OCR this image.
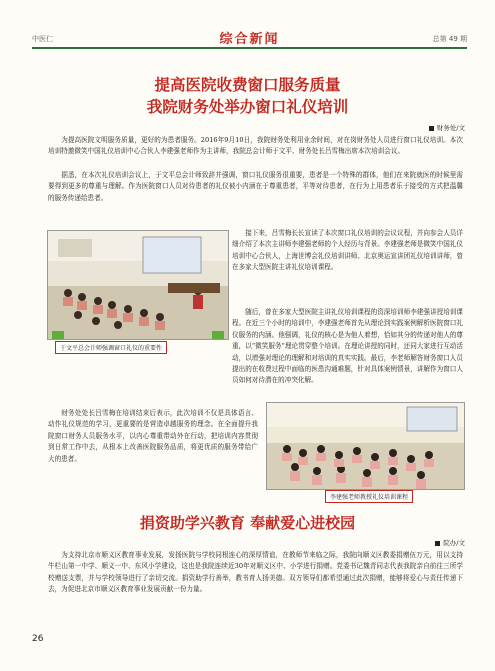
中医仁	综合新闻	总第 49 期
提高医院收费窗口服务质量
我院财务处举办窗口礼仪培训
财务处/文

为提高医院文明服务质量，更好的为患者服务。2016年9月10日，我院财务处利用业余时间，对在岗财务处人员进行窗口礼仪培训。本次培训特邀微笑中国礼仪培训中心合伙人李建强老师作为主讲师，我院总会计师于文平、财务处长吕雪梅出席本次培训会议。

据悉，在本次礼仪培训会议上，于文平总会计师致辞并强调，窗口礼仪服务很重要，患者是一个特殊的群体，他们在来院就医的时候里需要得到更多的尊重与理解。作为医院窗口人员对待患者的礼仪被小内涵在于尊重患者，平等对待患者，在行为上用患者乐于接受的方式把温馨的服务传递给患者。

于文平总会计师强调窗口礼仪的重要性

接下来，吕雪梅长长宣读了本次窗口礼仪培训的会议议程，并向参会人员详细介绍了本次主讲师李建强老师的个人经历与背景。李建强老师是微笑中国礼仪培训中心合伙人，上海世博会礼仪培训讲师、北京奥运宣讲团礼仪培训讲师，曾在多家大型医院主讲礼仪培训课程。

随后，曾在多家大型医院主讲礼仪培训课程的资深培训师李建强讲授培训课程。在近三个小时的培训中，李建强老师首先从理论到实践案例解析医院窗口礼仪服务的内涵。他强调，礼仪的核心是为他人着想，恰如其分的传递对他人的尊重，以“微笑服务”理论贯穿整个培训。在理论讲授的同时，还同大家进行互动活动，以增强对理论的理解和对培训的真实实践。最后，李老师解答财务窗口人员提出的在收费过程中面临的医患沟通难题，针对具体案例情景，讲解作为窗口人员如何对待潜在的冲突化解。

财务处处长吕雪梅在培训结束后表示，此次培训不仅是具体语言、动作礼仪规范的学习，更重要的是营造卓越服务的理念。在全面提升我院窗口财务人员服务水平，以内心尊重带动外在行动，把培训内容贯彻到日常工作中去，从根本上改善医院服务品质，将更优质的服务带给广大的患者。

李建强老师教授礼仪培训课程
捐资助学兴教育 奉献爱心进校园
院办/文

为支持北京市顺义区教育事业发展，发扬医院与学校同根连心的深厚情谊，在教师节来临之际，我院向顺义区教委捐赠伍万元，用以支持牛栏山第一中学、顺义一中、东风小学建设，这也是我院连续近30年对顺义区中、小学进行捐赠。党委书记魏青同志代表我院亲自前往三所学校赠送支票，并与学校领导进行了亲切交流。捐资助学行善举，教书育人扬美德。双方领导们都希望通过此次捐赠，能够将爱心与责任传递下去，为促进北京市顺义区教育事业发展贡献一份力量。

26
